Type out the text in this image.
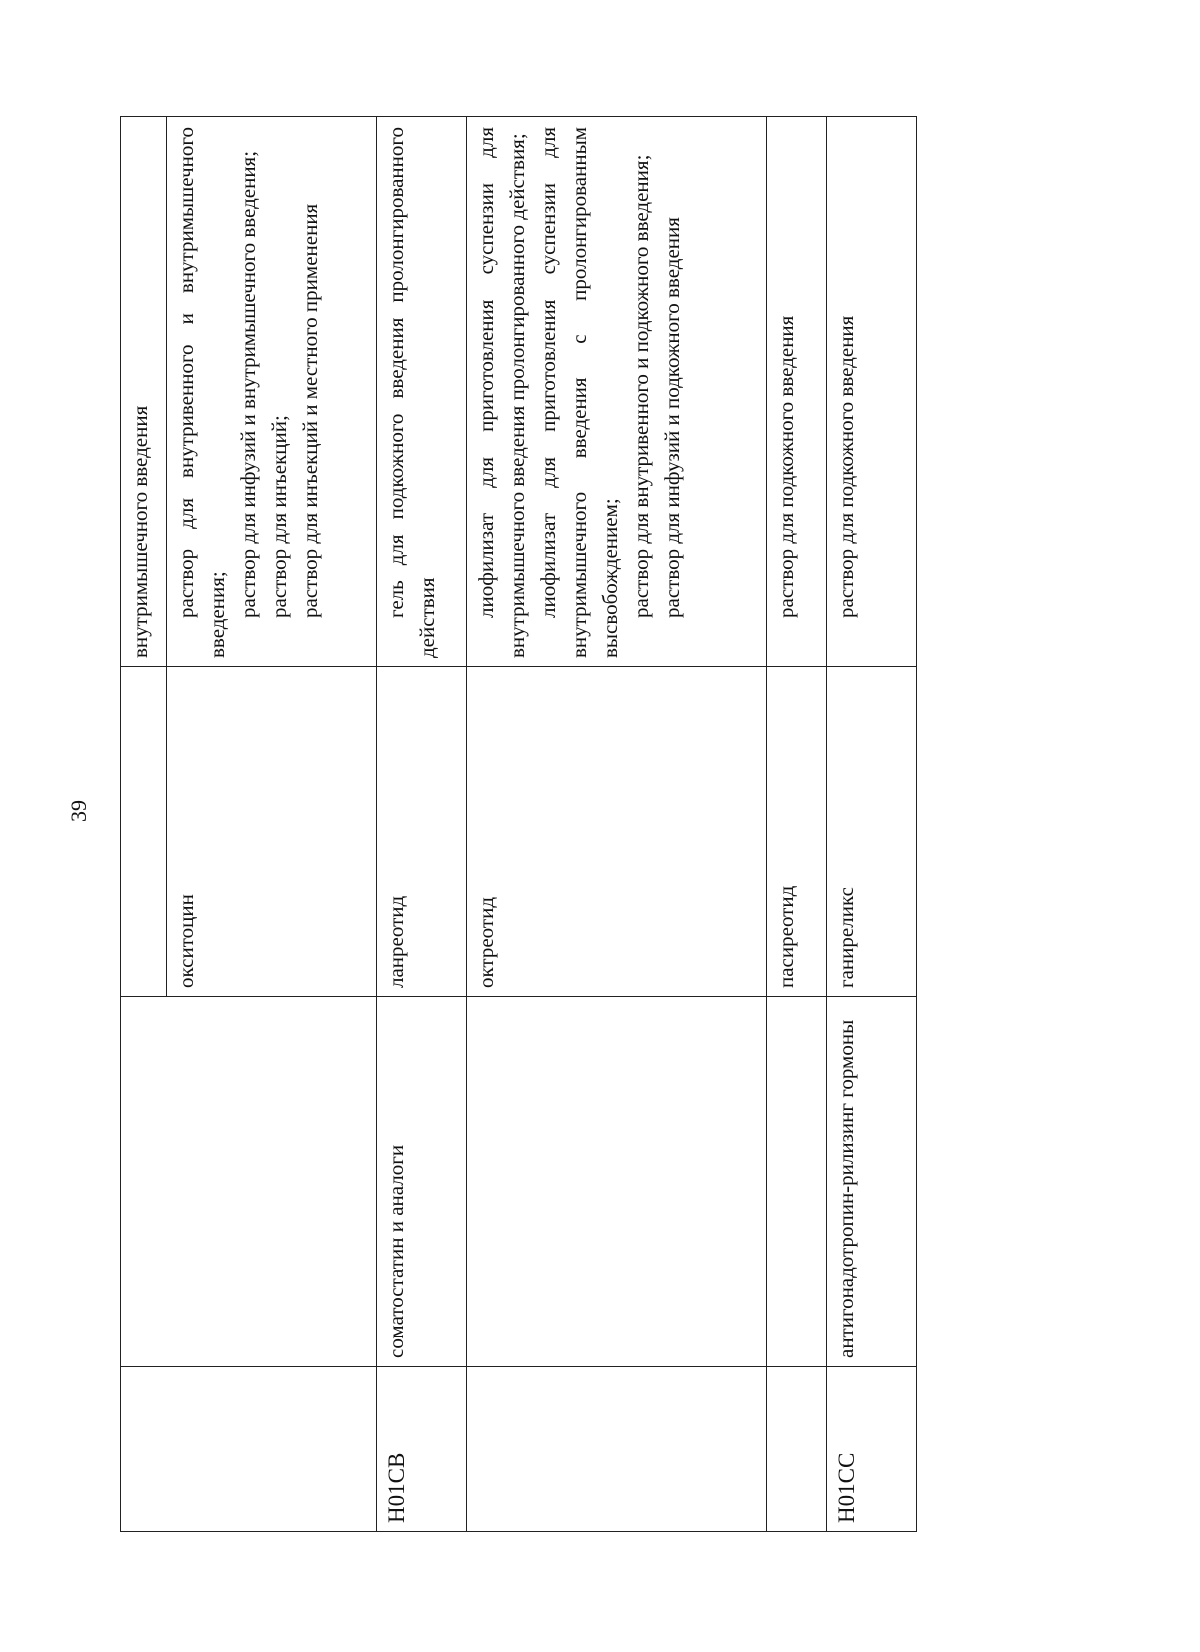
39

			внутримышечного введения

		окситоцин	раствор для внутривенного и внутримышечного введения; раствор для инфузий и внутримышечного введения; раствор для инъекций; раствор для инъекций и местного применения

H01CB	соматостатин и аналоги	ланреотид	гель для подкожного введения пролонгированного действия

		октреотид	лиофилизат для приготовления суспензии для внутримышечного введения пролонгированного действия; лиофилизат для приготовления суспензии для внутримышечного введения с пролонгированным высвобождением; раствор для внутривенного и подкожного введения; раствор для инфузий и подкожного введения

		пасиреотид	раствор для подкожного введения

H01CC	антигонадотропин-рилизинг гормоны	ганиреликс	раствор для подкожного введения
